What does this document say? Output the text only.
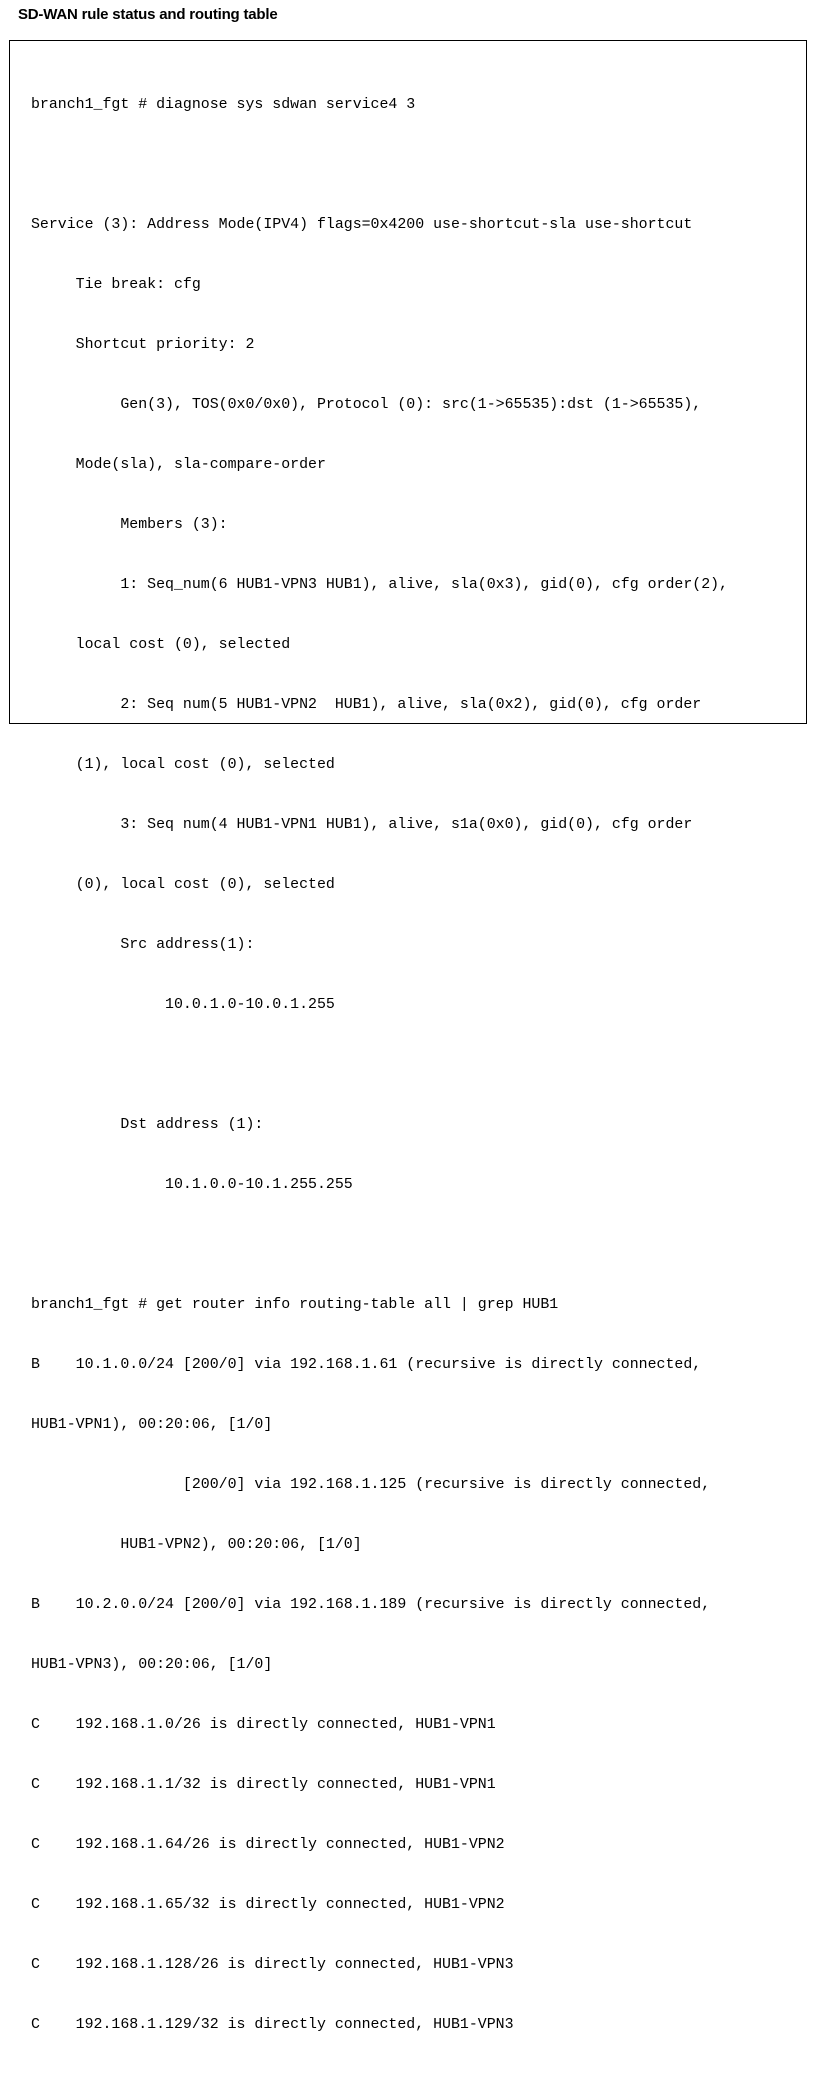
SD-WAN rule status and routing table

branch1_fgt # diagnose sys sdwan service4 3

Service (3): Address Mode(IPV4) flags=0x4200 use-shortcut-sla use-shortcut

Tie break: cfg

Shortcut priority: 2

Gen(3), TOS(0x0/0x0), Protocol (0): src(1->65535):dst (1->65535),

Mode(sla), sla-compare-order

Members (3):

1: Seq_num(6 HUB1-VPN3 HUB1), alive, sla(0x3), gid(0), cfg order(2),

local cost (0), selected

2: Seq num(5 HUB1-VPN2  HUB1), alive, sla(0x2), gid(0), cfg order

(1), local cost (0), selected

3: Seq num(4 HUB1-VPN1 HUB1), alive, s1a(0x0), gid(0), cfg order

(0), local cost (0), selected

Src address(1):

10.0.1.0-10.0.1.255

Dst address (1):

10.1.0.0-10.1.255.255

branch1_fgt # get router info routing-table all | grep HUB1

B    10.1.0.0/24 [200/0] via 192.168.1.61 (recursive is directly connected,

HUB1-VPN1), 00:20:06, [1/0]

[200/0] via 192.168.1.125 (recursive is directly connected,

HUB1-VPN2), 00:20:06, [1/0]

B    10.2.0.0/24 [200/0] via 192.168.1.189 (recursive is directly connected,

HUB1-VPN3), 00:20:06, [1/0]

C    192.168.1.0/26 is directly connected, HUB1-VPN1

C    192.168.1.1/32 is directly connected, HUB1-VPN1

C    192.168.1.64/26 is directly connected, HUB1-VPN2

C    192.168.1.65/32 is directly connected, HUB1-VPN2

C    192.168.1.128/26 is directly connected, HUB1-VPN3

C    192.168.1.129/32 is directly connected, HUB1-VPN3
